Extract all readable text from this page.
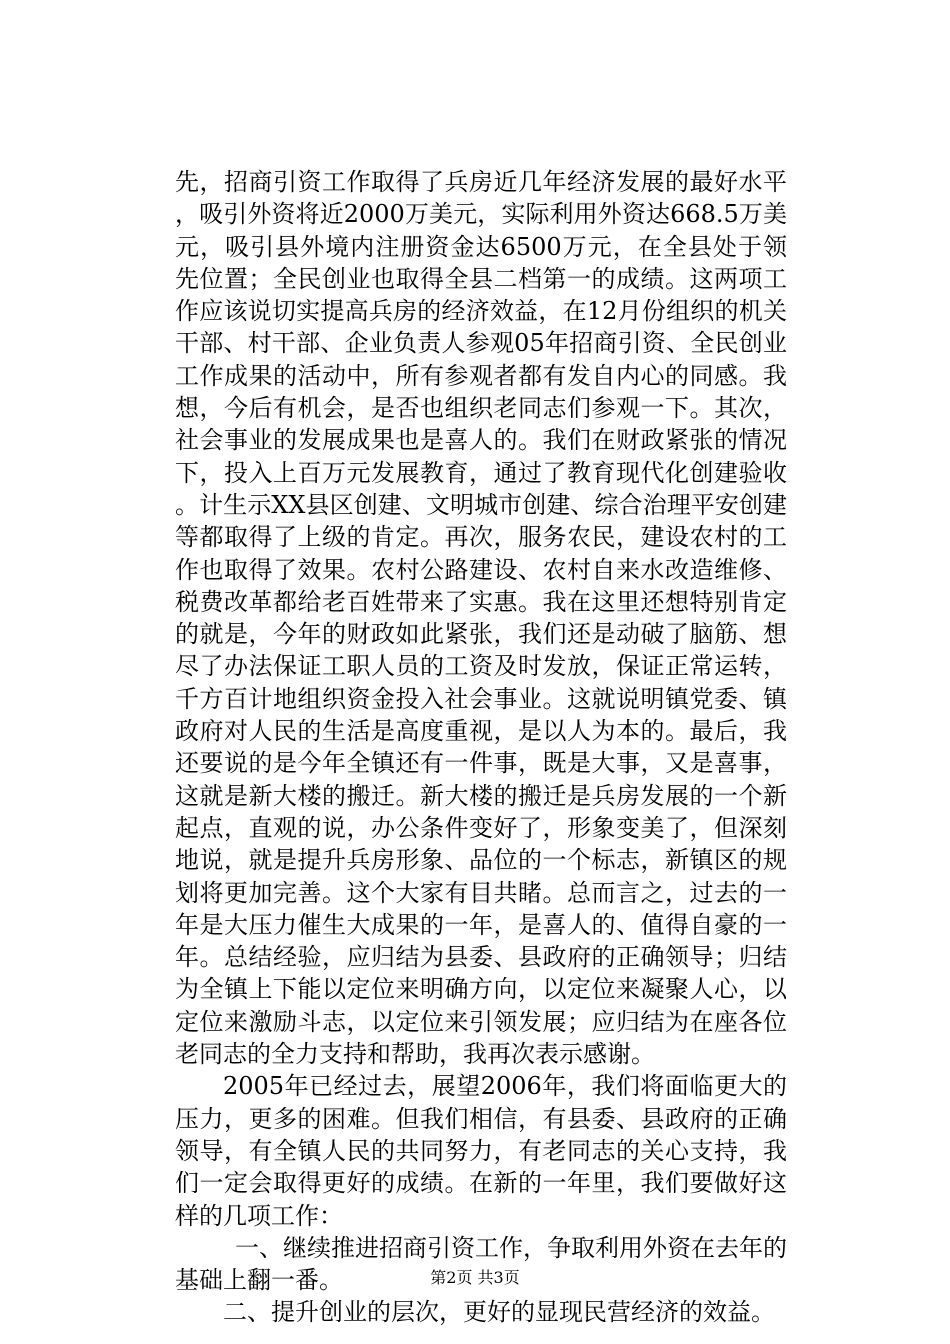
先，招商引资工作取得了兵房近几年经济发展的最好水平，吸引外资将近2000万美元，实际利用外资达668.5万美元，吸引县外境内注册资金达6500万元，在全县处于领先位置；全民创业也取得全县二档第一的成绩。这两项工作应该说切实提高兵房的经济效益，在12月份组织的机关干部、村干部、企业负责人参观05年招商引资、全民创业工作成果的活动中，所有参观者都有发自内心的同感。我想，今后有机会，是否也组织老同志们参观一下。其次，社会事业的发展成果也是喜人的。我们在财政紧张的情况下，投入上百万元发展教育，通过了教育现代化创建验收。计生示XX县区创建、文明城市创建、综合治理平安创建等都取得了上级的肯定。再次，服务农民，建设农村的工作也取得了效果。农村公路建设、农村自来水改造维修、税费改革都给老百姓带来了实惠。我在这里还想特别肯定的就是，今年的财政如此紧张，我们还是动破了脑筋、想尽了办法保证工职人员的工资及时发放，保证正常运转，千方百计地组织资金投入社会事业。这就说明镇党委、镇政府对人民的生活是高度重视，是以人为本的。最后，我还要说的是今年全镇还有一件事，既是大事，又是喜事，这就是新大楼的搬迁。新大楼的搬迁是兵房发展的一个新起点，直观的说，办公条件变好了，形象变美了，但深刻地说，就是提升兵房形象、品位的一个标志，新镇区的规划将更加完善。这个大家有目共睹。总而言之，过去的一年是大压力催生大成果的一年，是喜人的、值得自豪的一年。总结经验，应归结为县委、县政府的正确领导；归结为全镇上下能以定位来明确方向，以定位来凝聚人心，以定位来激励斗志，以定位来引领发展；应归结为在座各位老同志的全力支持和帮助，我再次表示感谢。

2005年已经过去，展望2006年，我们将面临更大的压力，更多的困难。但我们相信，有县委、县政府的正确领导，有全镇人民的共同努力，有老同志的关心支持，我们一定会取得更好的成绩。在新的一年里，我们要做好这样的几项工作：

一、继续推进招商引资工作，争取利用外资在去年的基础上翻一番。

二、提升创业的层次，更好的显现民营经济的效益。

第2页 共3页
